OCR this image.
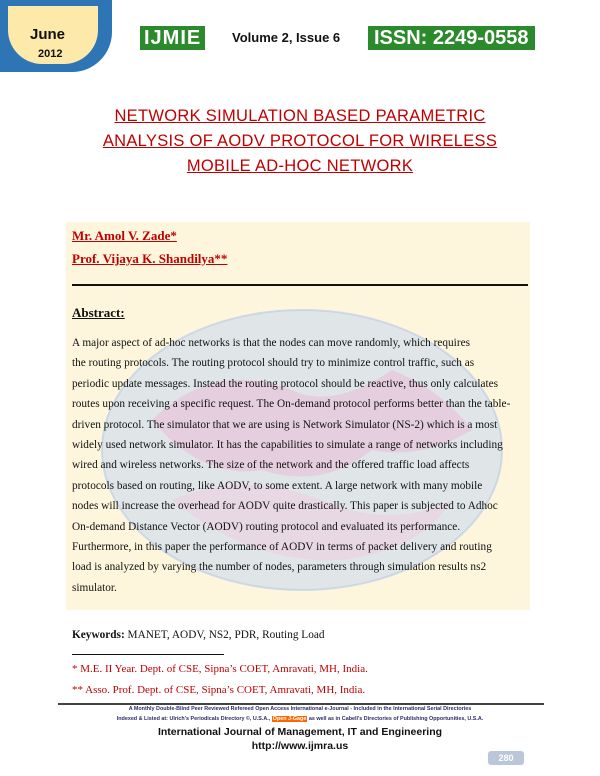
June
2012
IJMIE	Volume 2, Issue 6	ISSN: 2249-0558
NETWORK SIMULATION BASED PARAMETRIC
ANALYSIS OF AODV PROTOCOL FOR WIRELESS
MOBILE AD-HOC NETWORK
Mr. Amol V. Zade*
Prof. Vijaya K. Shandilya**
Abstract:
A major aspect of ad-hoc networks is that the nodes can move randomly, which requires
the routing protocols. The routing protocol should try to minimize control traffic, such as
periodic update messages. Instead the routing protocol should be reactive, thus only calculates
routes upon receiving a specific request. The On-demand protocol performs better than the table-
driven protocol. The simulator that we are using is Network Simulator (NS-2) which is a most
widely used network simulator. It has the capabilities to simulate a range of networks including
wired and wireless networks. The size of the network and the offered traffic load affects
protocols based on routing, like AODV, to some extent. A large network with many mobile
nodes will increase the overhead for AODV quite drastically. This paper is subjected to Adhoc
On-demand Distance Vector (AODV) routing protocol and evaluated its performance.
Furthermore, in this paper the performance of AODV in terms of packet delivery and routing
load is analyzed by varying the number of nodes, parameters through simulation results ns2
simulator.
Keywords: MANET, AODV, NS2, PDR, Routing Load
* M.E. II Year. Dept. of CSE, Sipna’s COET, Amravati, MH, India.
** Asso. Prof. Dept. of CSE, Sipna’s COET, Amravati, MH, India.
A Monthly Double-Blind Peer Reviewed Refereed Open Access International e-Journal - Included in the International Serial Directories
Indexed & Listed at: Ulrich's Periodicals Directory ©, U.S.A., Open J-Gage as well as in Cabell's Directories of Publishing Opportunities, U.S.A.
International Journal of Management, IT and Engineering
http://www.ijmra.us
280
